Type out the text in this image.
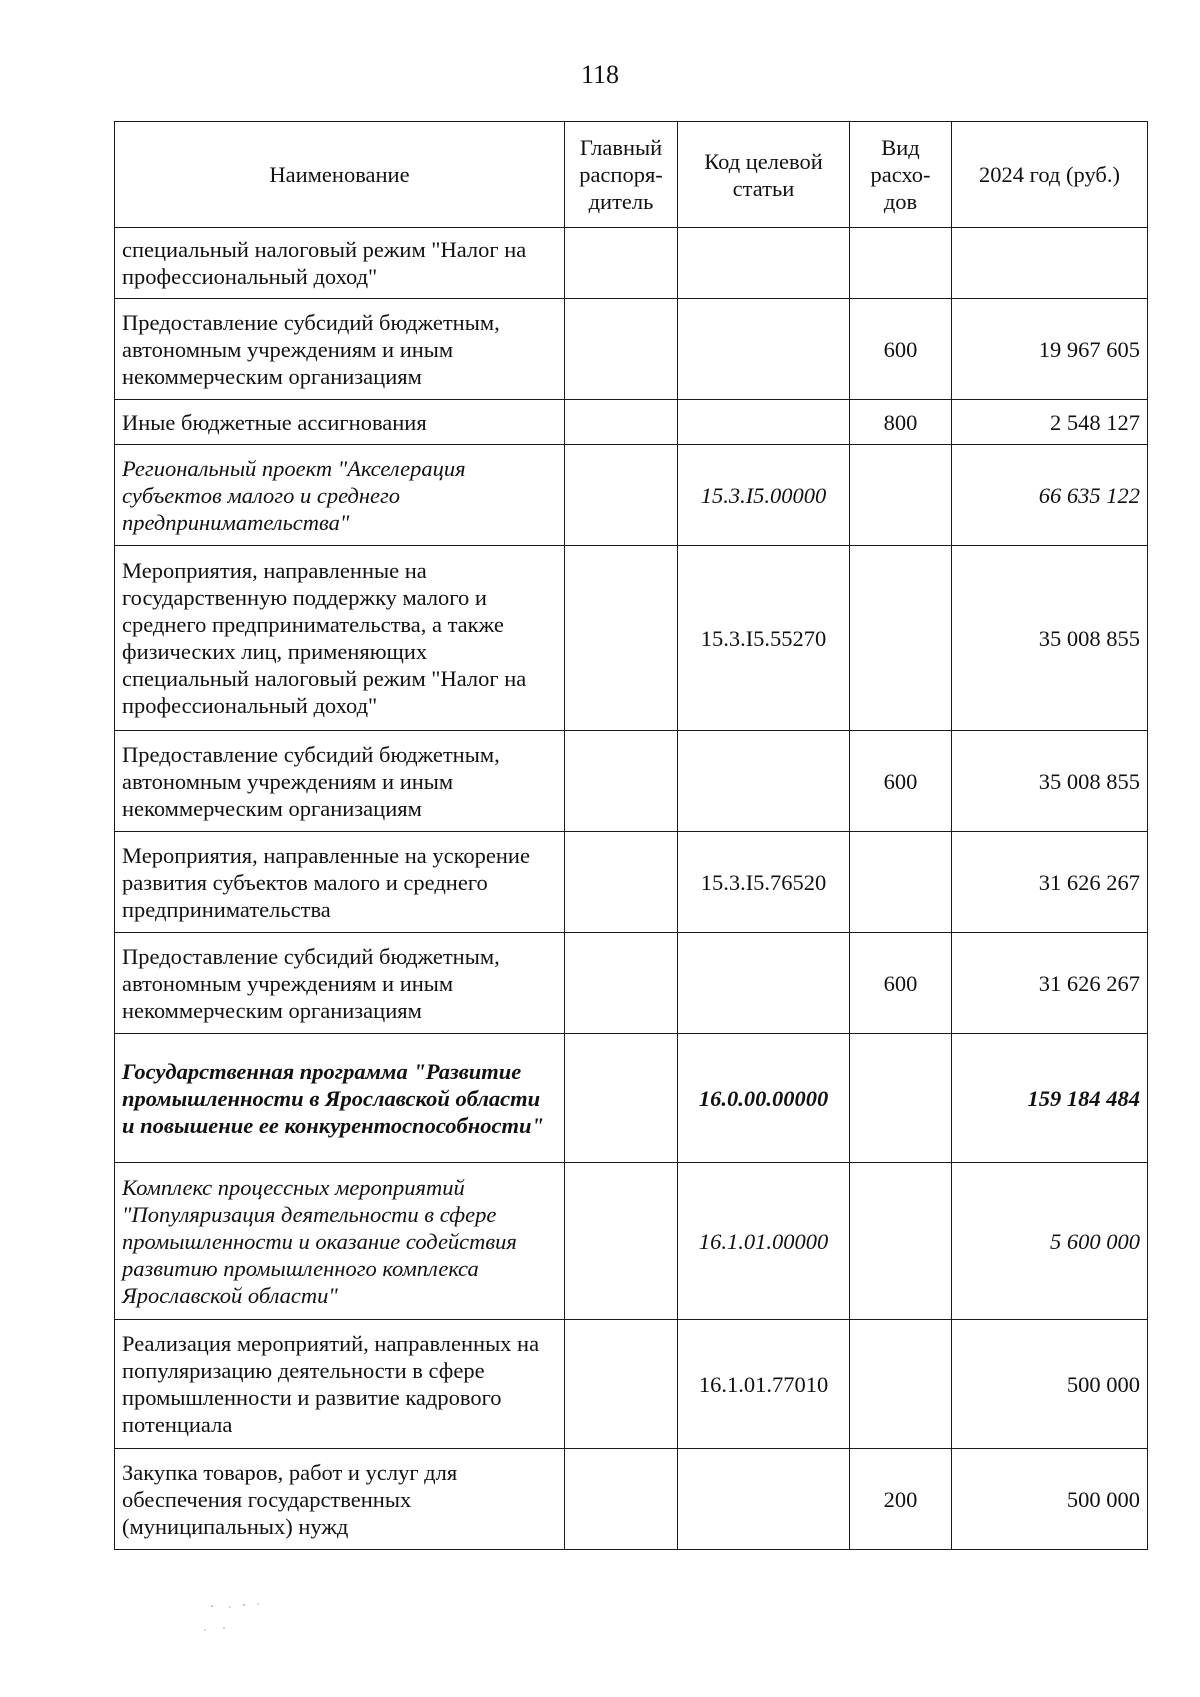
118
Наименование	Главный распоря-дитель	Код целевой статьи	Вид расхо-дов	2024 год (руб.)
специальный налоговый режим "Налог на профессиональный доход"				
Предоставление субсидий бюджетным, автономным учреждениям и иным некоммерческим организациям			600	19 967 605
Иные бюджетные ассигнования			800	2 548 127
Региональный проект "Акселерация субъектов малого и среднего предпринимательства"		15.3.I5.00000		66 635 122
Мероприятия, направленные на государственную поддержку малого и среднего предпринимательства, а также физических лиц, применяющих специальный налоговый режим "Налог на профессиональный доход"		15.3.I5.55270		35 008 855
Предоставление субсидий бюджетным, автономным учреждениям и иным некоммерческим организациям			600	35 008 855
Мероприятия, направленные на ускорение развития субъектов малого и среднего предпринимательства		15.3.I5.76520		31 626 267
Предоставление субсидий бюджетным, автономным учреждениям и иным некоммерческим организациям			600	31 626 267
Государственная программа "Развитие промышленности в Ярославской области и повышение ее конкурентоспособности"		16.0.00.00000		159 184 484
Комплекс процессных мероприятий "Популяризация деятельности в сфере промышленности и оказание содействия развитию промышленного комплекса Ярославской области"		16.1.01.00000		5 600 000
Реализация мероприятий, направленных на популяризацию деятельности в сфере промышленности и развитие кадрового потенциала		16.1.01.77010		500 000
Закупка товаров, работ и услуг для обеспечения государственных (муниципальных) нужд			200	500 000
